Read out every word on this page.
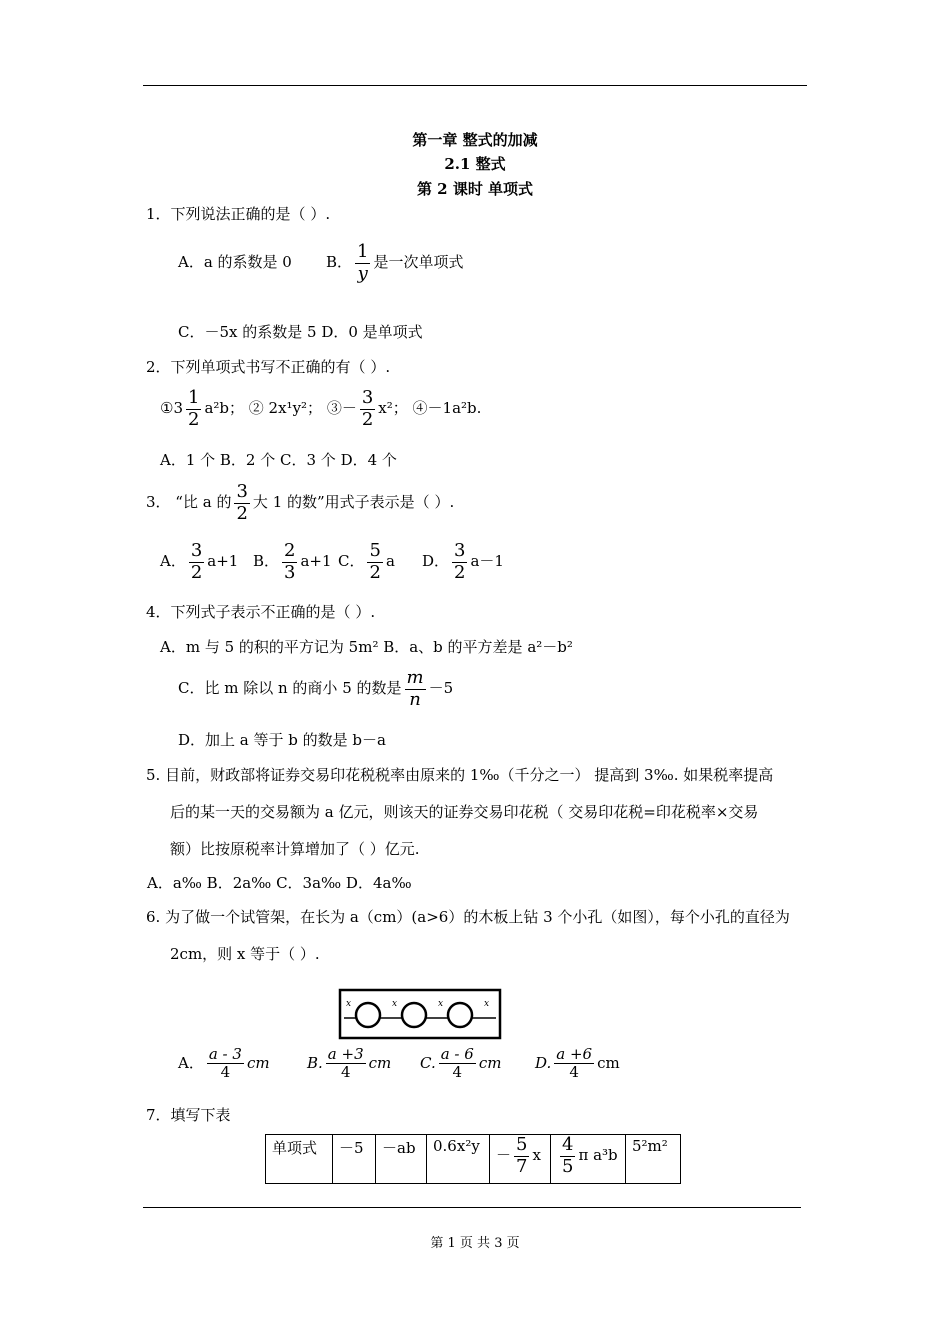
第一章 整式的加减
2.1 整式
第 2 课时 单项式
1．下列说法正确的是（ ）.
A．a 的系数是 0 B． $\frac{1}{y}$ 是一次单项式
C．－5x 的系数是 5 D．0 是单项式
2．下列单项式书写不正确的有（ ）.
①3 $\frac{1}{2} a^2b$； ② 2x¹y²； ③－ $\frac{3}{2} x^2$； ④－1a²b.
A．1 个 B．2 个 C．3 个 D．4 个
3． “比 a 的 $\frac{3}{2}$ 大 1 的数”用式子表示是（ ）.
A． $\frac{3}{2} a+1$ B． $\frac{2}{3} a+1$ C． $\frac{5}{2}$ a D． $\frac{3}{2} a-1$
4．下列式子表示不正确的是（ ）.
A．m 与 5 的积的平方记为 5m² B．a、b 的平方差是 a²－b²
C．比 m 除以 n 的商小 5 的数是 $\frac{m}{n} -5$
D．加上 a 等于 b 的数是 b－a
5. 目前，财政部将证券交易印花税税率由原来的 1‰（千分之一） 提高到 3‰. 如果税率提高
后的某一天的交易额为 a 亿元，则该天的证券交易印花税（ 交易印花税=印花税率×交易
额）比按原税率计算增加了（ ）亿元.
A．a‰ B．2a‰ C．3a‰ D．4a‰
6. 为了做一个试管架，在长为 a（cm）(a>6）的木板上钻 3 个小孔（如图），每个小孔的直径为
2cm，则 x 等于（ ）.
x	x	x	x
A． $\frac{a - 3}{4}$ cm B. $\frac{a +3}{4}$ cm C. $\frac{a - 6}{4}$ cm D. $\frac{a +6}{4}$ cm
7．填写下表
单项式	－5	－ab	0.6x²y	－ $\frac{5}{7}$ x	$\frac{4}{5}$ π a³b	5²m²
第 1 页 共 3 页
